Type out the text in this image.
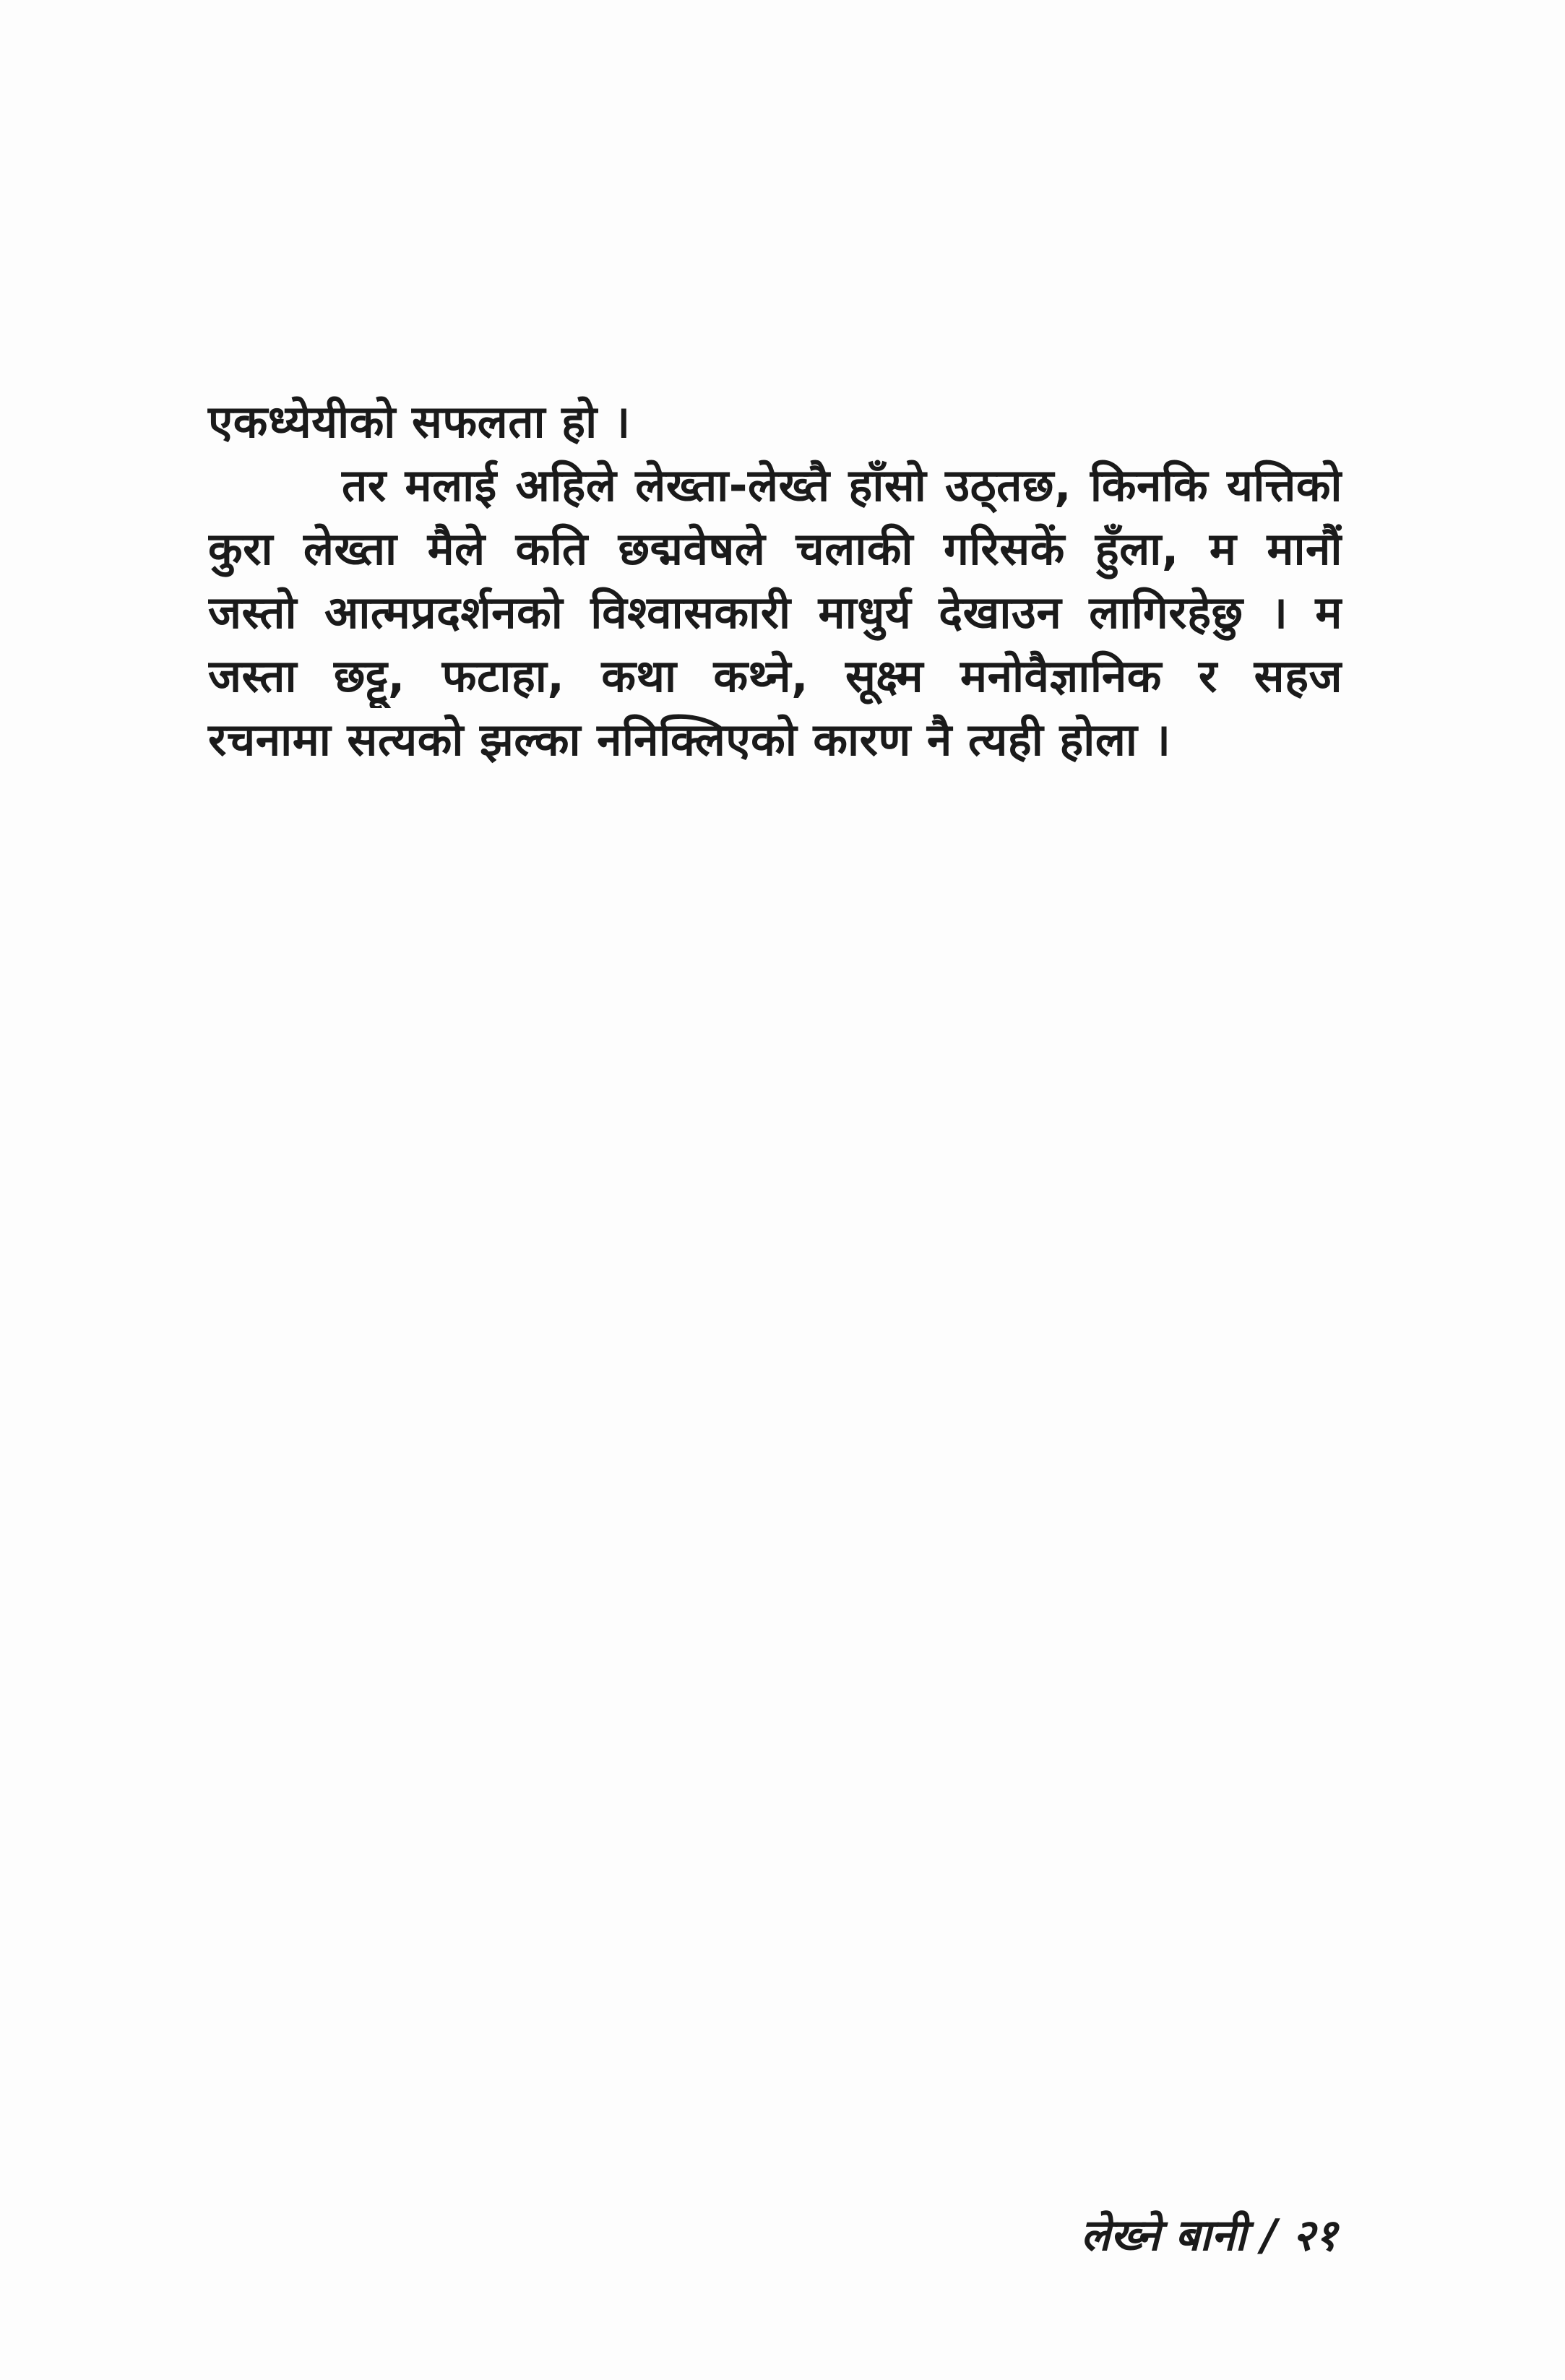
एकध्येयीको सफलता हो ।
तर मलाई अहिले लेख्ता-लेख्तै हाँसो उठ्तछ, किनकि यत्तिको
कुरा लेख्ता मैले कति छद्मवेषले चलाकी गरिसकें हुँला, म मानौं
जस्तो आत्मप्रदर्शनको विश्वासकारी माधुर्य देखाउन लागिरहेछु । म
जस्ता छट्टू, फटाहा, कथा कथ्ने, सूक्ष्म मनोवैज्ञानिक र सहज
रचनामा सत्यको झल्का ननिक्लिएको कारण नै त्यही होला ।
लेख्ने बानी / २१
